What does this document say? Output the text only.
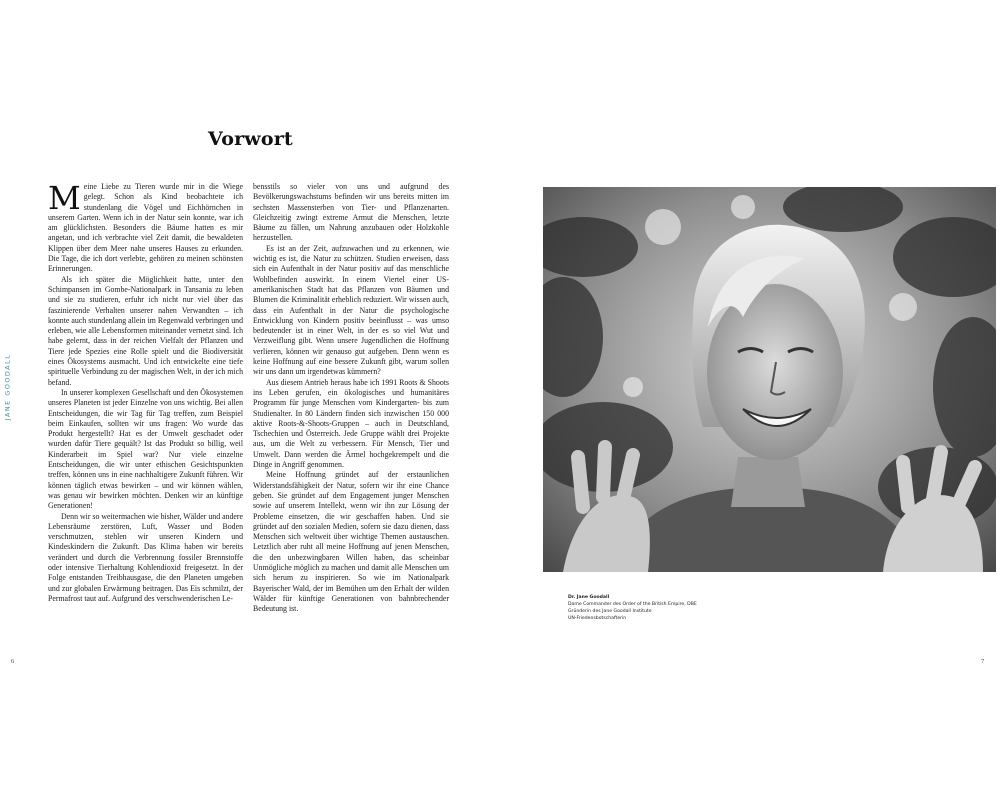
Vorwort
JANE GOODALL

Meine Liebe zu Tieren wurde mir in die Wiege gelegt. Schon als Kind beobachtete ich stundenlang die Vögel und Eichhörnchen in unserem Garten. Wenn ich in der Natur sein konnte, war ich am glücklichsten. Besonders die Bäume hatten es mir angetan, und ich verbrachte viel Zeit damit, die bewaldeten Klippen über dem Meer nahe unseres Hauses zu erkunden. Die Tage, die ich dort verlebte, gehören zu meinen schönsten Erinnerungen.

Als ich später die Möglichkeit hatte, unter den Schimpansen im Gombe-Nationalpark in Tansania zu leben und sie zu studieren, erfuhr ich nicht nur viel über das faszinierende Verhalten unserer nahen Verwandten – ich konnte auch stundenlang allein im Regenwald verbringen und erleben, wie alle Lebensformen miteinander vernetzt sind. Ich habe gelernt, dass in der reichen Vielfalt der Pflanzen und Tiere jede Spezies eine Rolle spielt und die Biodiversität eines Ökosystems ausmacht. Und ich entwickelte eine tiefe spirituelle Verbindung zu der magischen Welt, in der ich mich befand.

In unserer komplexen Gesellschaft und den Ökosystemen unseres Planeten ist jeder Einzelne von uns wichtig. Bei allen Entscheidungen, die wir Tag für Tag treffen, zum Beispiel beim Einkaufen, sollten wir uns fragen: Wo wurde das Produkt hergestellt? Hat es der Umwelt geschadet oder wurden dafür Tiere gequält? Ist das Produkt so billig, weil Kinderarbeit im Spiel war? Nur viele einzelne Entscheidungen, die wir unter ethischen Gesichtspunkten treffen, können uns in eine nachhaltigere Zukunft führen. Wir können täglich etwas bewirken – und wir können wählen, was genau wir bewirken möchten. Denken wir an künftige Generationen!

Denn wir so weitermachen wie bisher, Wälder und andere Lebensräume zerstören, Luft, Wasser und Boden verschmutzen, stehlen wir unseren Kindern und Kindeskindern die Zukunft. Das Klima haben wir bereits verändert und durch die Verbrennung fossiler Brennstoffe oder intensive Tierhaltung Kohlendioxid freigesetzt. In der Folge entstanden Treibhausgase, die den Planeten umgeben und zur globalen Erwärmung beitragen. Das Eis schmilzt, der Permafrost taut auf. Aufgrund des verschwenderischen Le-

bensstils so vieler von uns und aufgrund des Bevölkerungswachstums befinden wir uns bereits mitten im sechsten Massensterben von Tier- und Pflanzenarten. Gleichzeitig zwingt extreme Armut die Menschen, letzte Bäume zu fällen, um Nahrung anzubauen oder Holzkohle herzustellen.

Es ist an der Zeit, aufzuwachen und zu erkennen, wie wichtig es ist, die Natur zu schützen. Studien erweisen, dass sich ein Aufenthalt in der Natur positiv auf das menschliche Wohlbefinden auswirkt. In einem Viertel einer US-amerikanischen Stadt hat das Pflanzen von Bäumen und Blumen die Kriminalität erheblich reduziert. Wir wissen auch, dass ein Aufenthalt in der Natur die psychologische Entwicklung von Kindern positiv beeinflusst – was umso bedeutender ist in einer Welt, in der es so viel Wut und Verzweiflung gibt. Wenn unsere Jugendlichen die Hoffnung verlieren, können wir genauso gut aufgeben. Denn wenn es keine Hoffnung auf eine bessere Zukunft gibt, warum sollen wir uns dann um irgendetwas kümmern?

Aus diesem Antrieb heraus habe ich 1991 Roots & Shoots ins Leben gerufen, ein ökologisches und humanitäres Programm für junge Menschen vom Kindergarten- bis zum Studienalter. In 80 Ländern finden sich inzwischen 150 000 aktive Roots-&-Shoots-Gruppen – auch in Deutschland, Tschechien und Österreich. Jede Gruppe wählt drei Projekte aus, um die Welt zu verbessern. Für Mensch, Tier und Umwelt. Dann werden die Ärmel hochgekrempelt und die Dinge in Angriff genommen.

Meine Hoffnung gründet auf der erstaunlichen Widerstandsfähigkeit der Natur, sofern wir ihr eine Chance geben. Sie gründet auf dem Engagement junger Menschen sowie auf unserem Intellekt, wenn wir ihn zur Lösung der Probleme einsetzen, die wir geschaffen haben. Und sie gründet auf den sozialen Medien, sofern sie dazu dienen, dass Menschen sich weltweit über wichtige Themen austauschen. Letztlich aber ruht all meine Hoffnung auf jenen Menschen, die den unbezwingbaren Willen haben, das scheinbar Unmögliche möglich zu machen und damit alle Menschen um sich herum zu inspirieren. So wie im Nationalpark Bayerischer Wald, der im Bemühen um den Erhalt der wilden Wälder für künftige Generationen von bahnbrechender Bedeutung ist.

Dr. Jane Goodall
Dame Commander des Order of the British Empire, DBE
Gründerin des Jane Goodall Institute
UN-Friedensbotschafterin
6	7
